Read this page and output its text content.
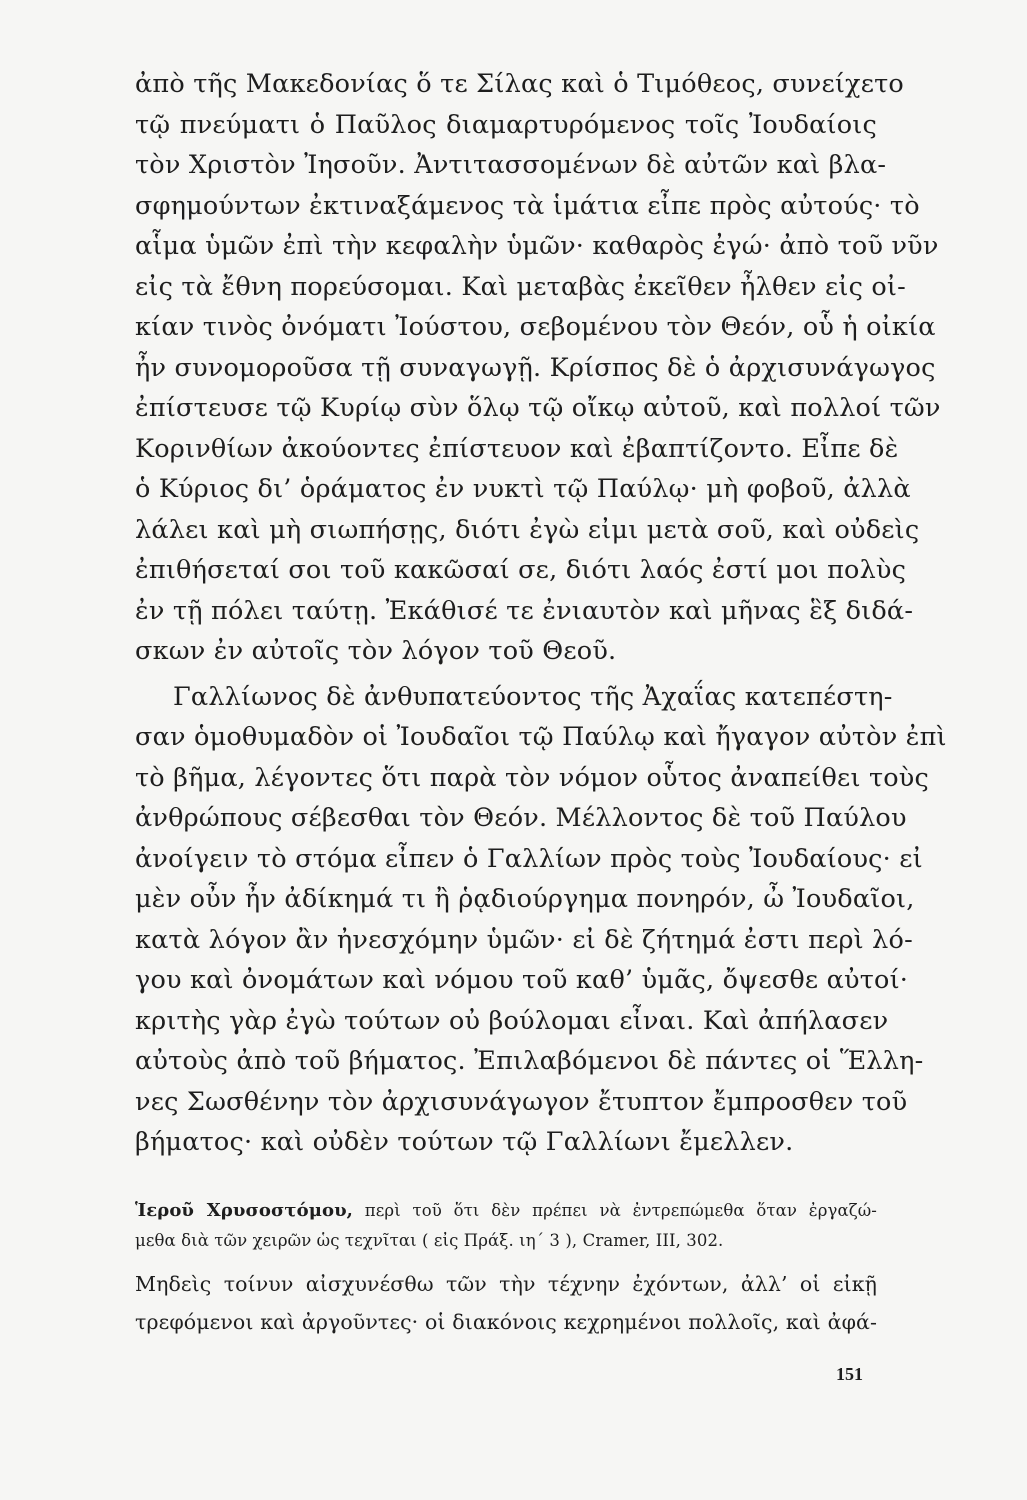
ἀπὸ τῆς Μακεδονίας ὅ τε Σίλας καὶ ὁ Τιμόθεος, συνείχετο
τῷ πνεύματι ὁ Παῦλος διαμαρτυρόμενος τοῖς Ἰουδαίοις
τὸν Χριστὸν Ἰησοῦν. Ἀντιτασσομένων δὲ αὐτῶν καὶ βλα-
σφημούντων ἐκτιναξάμενος τὰ ἱμάτια εἶπε πρὸς αὐτούς· τὸ
αἷμα ὑμῶν ἐπὶ τὴν κεφαλὴν ὑμῶν· καθαρὸς ἐγώ· ἀπὸ τοῦ νῦν
εἰς τὰ ἔθνη πορεύσομαι. Καὶ μεταβὰς ἐκεῖθεν ἦλθεν εἰς οἰ-
κίαν τινὸς ὀνόματι Ἰούστου, σεβομένου τὸν Θεόν, οὗ ἡ οἰκία
ἦν συνομοροῦσα τῇ συναγωγῇ. Κρίσπος δὲ ὁ ἀρχισυνάγωγος
ἐπίστευσε τῷ Κυρίῳ σὺν ὅλῳ τῷ οἴκῳ αὐτοῦ, καὶ πολλοί τῶν
Κορινθίων ἀκούοντες ἐπίστευον καὶ ἐβαπτίζοντο. Εἶπε δὲ
ὁ Κύριος δι’ ὁράματος ἐν νυκτὶ τῷ Παύλῳ· μὴ φοβοῦ, ἀλλὰ
λάλει καὶ μὴ σιωπήσῃς, διότι ἐγὼ εἰμι μετὰ σοῦ, καὶ οὐδεὶς
ἐπιθήσεταί σοι τοῦ κακῶσαί σε, διότι λαός ἐστί μοι πολὺς
ἐν τῇ πόλει ταύτῃ. Ἐκάθισέ τε ἐνιαυτὸν καὶ μῆνας ἓξ διδά-
σκων ἐν αὐτοῖς τὸν λόγον τοῦ Θεοῦ.
Γαλλίωνος δὲ ἀνθυπατεύοντος τῆς Ἀχαΐας κατεπέστη-
σαν ὁμοθυμαδὸν οἱ Ἰουδαῖοι τῷ Παύλῳ καὶ ἤγαγον αὐτὸν ἐπὶ
τὸ βῆμα, λέγοντες ὅτι παρὰ τὸν νόμον οὗτος ἀναπείθει τοὺς
ἀνθρώπους σέβεσθαι τὸν Θεόν. Μέλλοντος δὲ τοῦ Παύλου
ἀνοίγειν τὸ στόμα εἶπεν ὁ Γαλλίων πρὸς τοὺς Ἰουδαίους· εἰ
μὲν οὖν ἦν ἀδίκημά τι ἢ ῥᾳδιούργημα πονηρόν, ὦ Ἰουδαῖοι,
κατὰ λόγον ἂν ἠνεσχόμην ὑμῶν· εἰ δὲ ζήτημά ἐστι περὶ λό-
γου καὶ ὀνομάτων καὶ νόμου τοῦ καθ’ ὑμᾶς, ὄψεσθε αὐτοί·
κριτὴς γὰρ ἐγὼ τούτων οὐ βούλομαι εἶναι. Καὶ ἀπήλασεν
αὐτοὺς ἀπὸ τοῦ βήματος. Ἐπιλαβόμενοι δὲ πάντες οἱ Ἕλλη-
νες Σωσθένην τὸν ἀρχισυνάγωγον ἔτυπτον ἔμπροσθεν τοῦ
βήματος· καὶ οὐδὲν τούτων τῷ Γαλλίωνι ἔμελλεν.
Ἱεροῦ Χρυσοστόμου, περὶ τοῦ ὅτι δὲν πρέπει νὰ ἐντρεπώμεθα ὅταν ἐργαζώ-
μεθα διὰ τῶν χειρῶν ὡς τεχνῖται ( εἰς Πράξ. ιη΄ 3 ), Cramer, III, 302.
Μηδεὶς τοίνυν αἰσχυνέσθω τῶν τὴν τέχνην ἐχόντων, ἀλλ’ οἱ εἰκῇ
τρεφόμενοι καὶ ἀργοῦντες· οἱ διακόνοις κεχρημένοι πολλοῖς, καὶ ἀφά-
151
